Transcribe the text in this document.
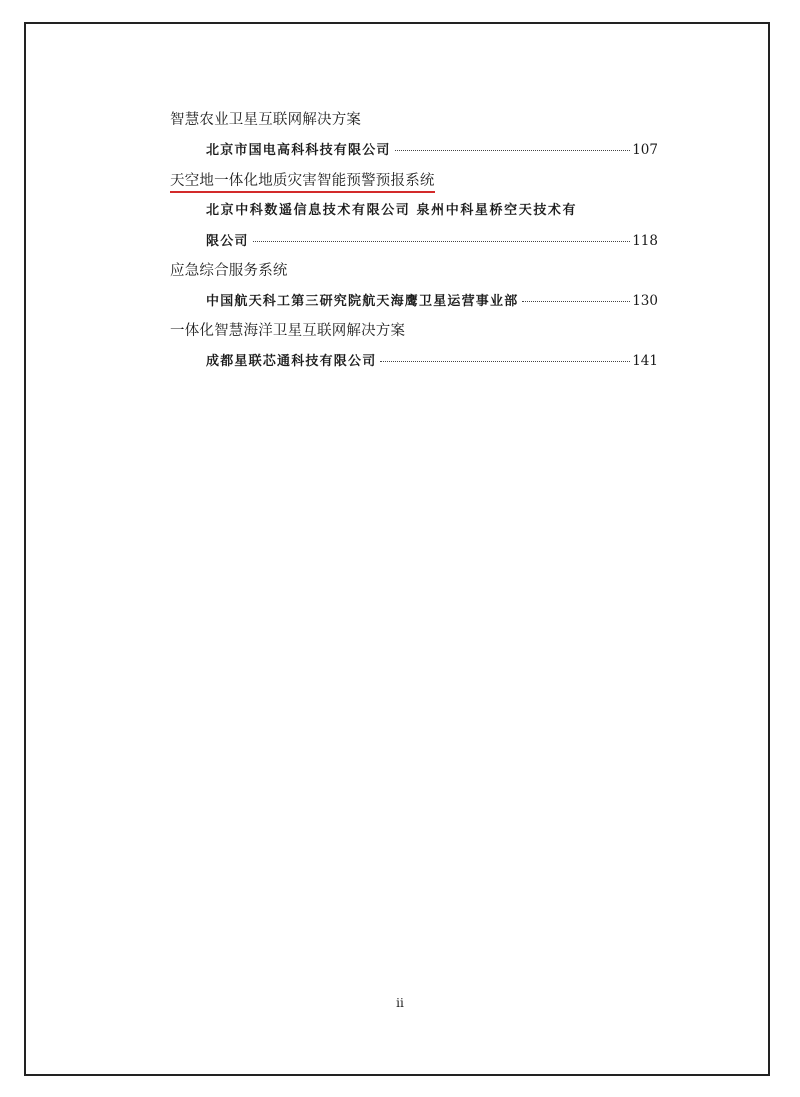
智慧农业卫星互联网解决方案
北京市国电高科科技有限公司	107
天空地一体化地质灾害智能预警预报系统
北京中科数遥信息技术有限公司 泉州中科星桥空天技术有
限公司	118
应急综合服务系统
中国航天科工第三研究院航天海鹰卫星运营事业部	130
一体化智慧海洋卫星互联网解决方案
成都星联芯通科技有限公司	141
ii
